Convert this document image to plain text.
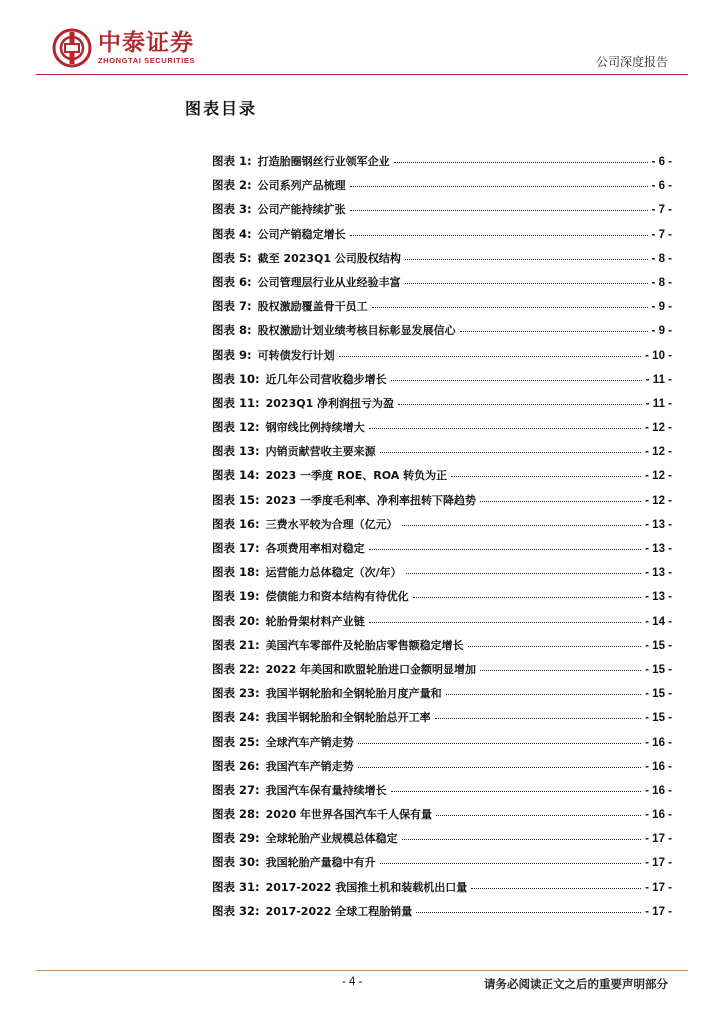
中泰证券
ZHONGTAI SECURITIES	公司深度报告
图表目录
图表 1: 打造胎圈钢丝行业领军企业	- 6 -
图表 2: 公司系列产品梳理	- 6 -
图表 3: 公司产能持续扩张	- 7 -
图表 4: 公司产销稳定增长	- 7 -
图表 5: 截至 2023Q1 公司股权结构	- 8 -
图表 6: 公司管理层行业从业经验丰富	- 8 -
图表 7: 股权激励覆盖骨干员工	- 9 -
图表 8: 股权激励计划业绩考核目标彰显发展信心	- 9 -
图表 9: 可转债发行计划	- 10 -
图表 10: 近几年公司营收稳步增长	- 11 -
图表 11: 2023Q1 净利润扭亏为盈	- 11 -
图表 12: 钢帘线比例持续增大	- 12 -
图表 13: 内销贡献营收主要来源	- 12 -
图表 14: 2023 一季度 ROE、ROA 转负为正	- 12 -
图表 15: 2023 一季度毛利率、净利率扭转下降趋势	- 12 -
图表 16: 三费水平较为合理（亿元）	- 13 -
图表 17: 各项费用率相对稳定	- 13 -
图表 18: 运营能力总体稳定（次/年）	- 13 -
图表 19: 偿债能力和资本结构有待优化	- 13 -
图表 20: 轮胎骨架材料产业链	- 14 -
图表 21: 美国汽车零部件及轮胎店零售额稳定增长	- 15 -
图表 22: 2022 年美国和欧盟轮胎进口金额明显增加	- 15 -
图表 23: 我国半钢轮胎和全钢轮胎月度产量和	- 15 -
图表 24: 我国半钢轮胎和全钢轮胎总开工率	- 15 -
图表 25: 全球汽车产销走势	- 16 -
图表 26: 我国汽车产销走势	- 16 -
图表 27: 我国汽车保有量持续增长	- 16 -
图表 28: 2020 年世界各国汽车千人保有量	- 16 -
图表 29: 全球轮胎产业规模总体稳定	- 17 -
图表 30: 我国轮胎产量稳中有升	- 17 -
图表 31: 2017-2022 我国推土机和装载机出口量	- 17 -
图表 32: 2017-2022 全球工程胎销量	- 17 -
- 4 -	请务必阅读正文之后的重要声明部分
